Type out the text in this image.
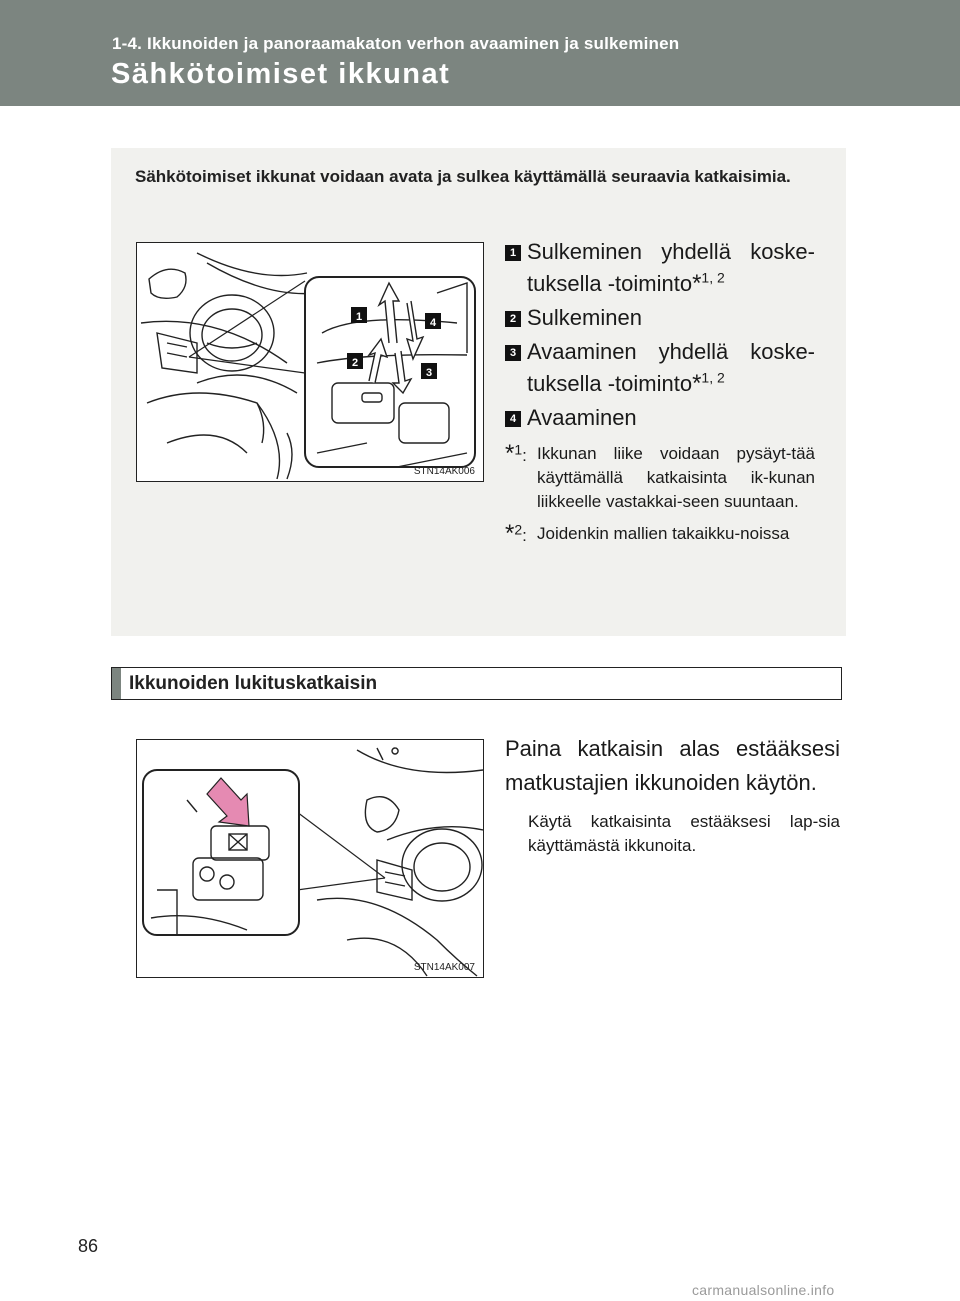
1-4. Ikkunoiden ja panoraamakaton verhon avaaminen ja sulkeminen
Sähkötoimiset ikkunat
Sähkötoimiset ikkunat voidaan avata ja sulkea käyttämällä seuraavia katkaisimia.
1
2
3
4
STN14AK006
1 Sulkeminen yhdellä koske-tuksella -toiminto*$^{1, 2}$
2 Sulkeminen
3 Avaaminen yhdellä koske-tuksella -toiminto*$^{1, 2}$
4 Avaaminen
*$^1$: Ikkunan liike voidaan pysäyt-tää käyttämällä katkaisinta ik-kunan liikkeelle vastakkai-seen suuntaan.
*$^2$: Joidenkin mallien takaikku-noissa
Ikkunoiden lukituskatkaisin
STN14AK007
Paina katkaisin alas estääksesi matkustajien ikkunoiden käytön.
Käytä katkaisinta estääksesi lap-sia käyttämästä ikkunoita.
86
carmanualsonline.info
